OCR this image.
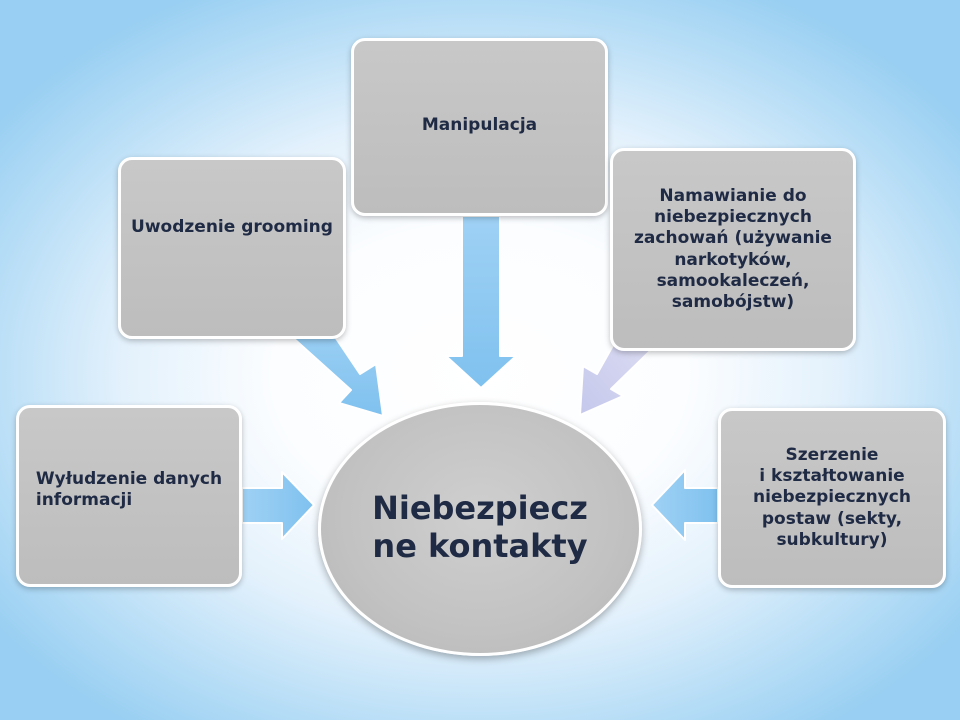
Manipulacja
Uwodzenie grooming
Namawianie do
niebezpiecznych
zachowań (używanie
narkotyków,
samookaleczeń,
samobójstw)
Wyłudzenie danych
informacji
Szerzenie
i kształtowanie
niebezpiecznych
postaw (sekty,
subkultury)
Niebezpiecz
ne kontakty
